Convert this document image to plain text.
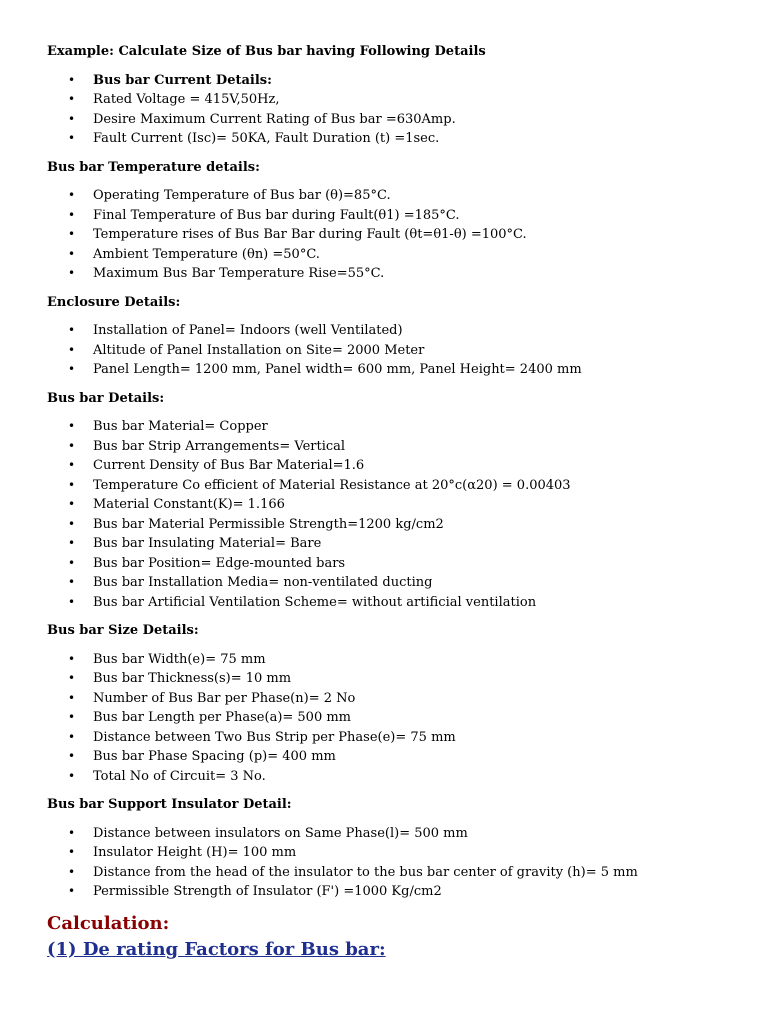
Example: Calculate Size of Bus bar having Following Details
• Bus bar Current Details:
• Rated Voltage = 415V,50Hz,
• Desire Maximum Current Rating of Bus bar =630Amp.
• Fault Current (Isc)= 50KA, Fault Duration (t) =1sec.
Bus bar Temperature details:
• Operating Temperature of Bus bar (θ)=85°C.
• Final Temperature of Bus bar during Fault(θ1) =185°C.
• Temperature rises of Bus Bar Bar during Fault (θt=θ1-θ) =100°C.
• Ambient Temperature (θn) =50°C.
• Maximum Bus Bar Temperature Rise=55°C.
Enclosure Details:
• Installation of Panel= Indoors (well Ventilated)
• Altitude of Panel Installation on Site= 2000 Meter
• Panel Length= 1200 mm, Panel width= 600 mm, Panel Height= 2400 mm
Bus bar Details:
• Bus bar Material= Copper
• Bus bar Strip Arrangements= Vertical
• Current Density of Bus Bar Material=1.6
• Temperature Co efficient of Material Resistance at 20°c(α20) = 0.00403
• Material Constant(K)= 1.166
• Bus bar Material Permissible Strength=1200 kg/cm2
• Bus bar Insulating Material= Bare
• Bus bar Position= Edge-mounted bars
• Bus bar Installation Media= non-ventilated ducting
• Bus bar Artificial Ventilation Scheme= without artificial ventilation
Bus bar Size Details:
• Bus bar Width(e)= 75 mm
• Bus bar Thickness(s)= 10 mm
• Number of Bus Bar per Phase(n)= 2 No
• Bus bar Length per Phase(a)= 500 mm
• Distance between Two Bus Strip per Phase(e)= 75 mm
• Bus bar Phase Spacing (p)= 400 mm
• Total No of Circuit= 3 No.
Bus bar Support Insulator Detail:
• Distance between insulators on Same Phase(l)= 500 mm
• Insulator Height (H)= 100 mm
• Distance from the head of the insulator to the bus bar center of gravity (h)= 5 mm
• Permissible Strength of Insulator (F') =1000 Kg/cm2
Calculation:
(1) De rating Factors for Bus bar:
